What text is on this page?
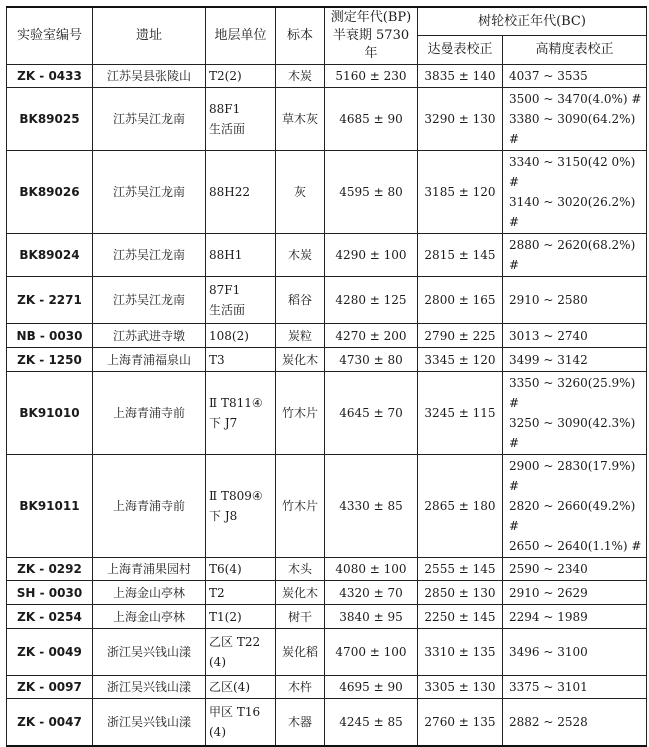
实验室编号	遗址	地层单位	标本	测定年代(BP)
半衰期 5730 年	树轮校正年代(BC)	
					达曼表校正	高精度表校正
ZK - 0433	江苏吴县张陵山	T2(2)	木炭	5160 ± 230	3835 ± 140	4037 ~ 3535

BK89025	江苏吴江龙南	88F1
生活面	草木灰	4685 ± 90	3290 ± 130	3500 ~ 3470(4.0%) #
3380 ~ 3090(64.2%) #

BK89026	江苏吴江龙南	88H22	灰	4595 ± 80	3185 ± 120	3340 ~ 3150(42 0%) #
3140 ~ 3020(26.2%) #

BK89024	江苏吴江龙南	88H1	木炭	4290 ± 100	2815 ± 145	2880 ~ 2620(68.2%) #

ZK - 2271	江苏吴江龙南	87F1
生活面	稻谷	4280 ± 125	2800 ± 165	2910 ~ 2580

NB - 0030	江苏武进寺墩	108(2)	炭粒	4270 ± 200	2790 ± 225	3013 ~ 2740

ZK - 1250	上海青浦福泉山	T3	炭化木	4730 ± 80	3345 ± 120	3499 ~ 3142

BK91010	上海青浦寺前	Ⅱ T811④
下 J7	竹木片	4645 ± 70	3245 ± 115	3350 ~ 3260(25.9%) #
3250 ~ 3090(42.3%) #

BK91011	上海青浦寺前	Ⅱ T809④
下 J8	竹木片	4330 ± 85	2865 ± 180	2900 ~ 2830(17.9%) #
2820 ~ 2660(49.2%) #
2650 ~ 2640(1.1%) #

ZK - 0292	上海青浦果园村	T6(4)	木头	4080 ± 100	2555 ± 145	2590 ~ 2340

SH - 0030	上海金山亭林	T2	炭化木	4320 ± 70	2850 ± 130	2910 ~ 2629

ZK - 0254	上海金山亭林	T1(2)	树干	3840 ± 95	2250 ± 145	2294 ~ 1989

ZK - 0049	浙江吴兴钱山漾	乙区 T22
(4)	炭化稻	4700 ± 100	3310 ± 135	3496 ~ 3100

ZK - 0097	浙江吴兴钱山漾	乙区(4)	木杵	4695 ± 90	3305 ± 130	3375 ~ 3101

ZK - 0047	浙江吴兴钱山漾	甲区 T16
(4)	木器	4245 ± 85	2760 ± 135	2882 ~ 2528
